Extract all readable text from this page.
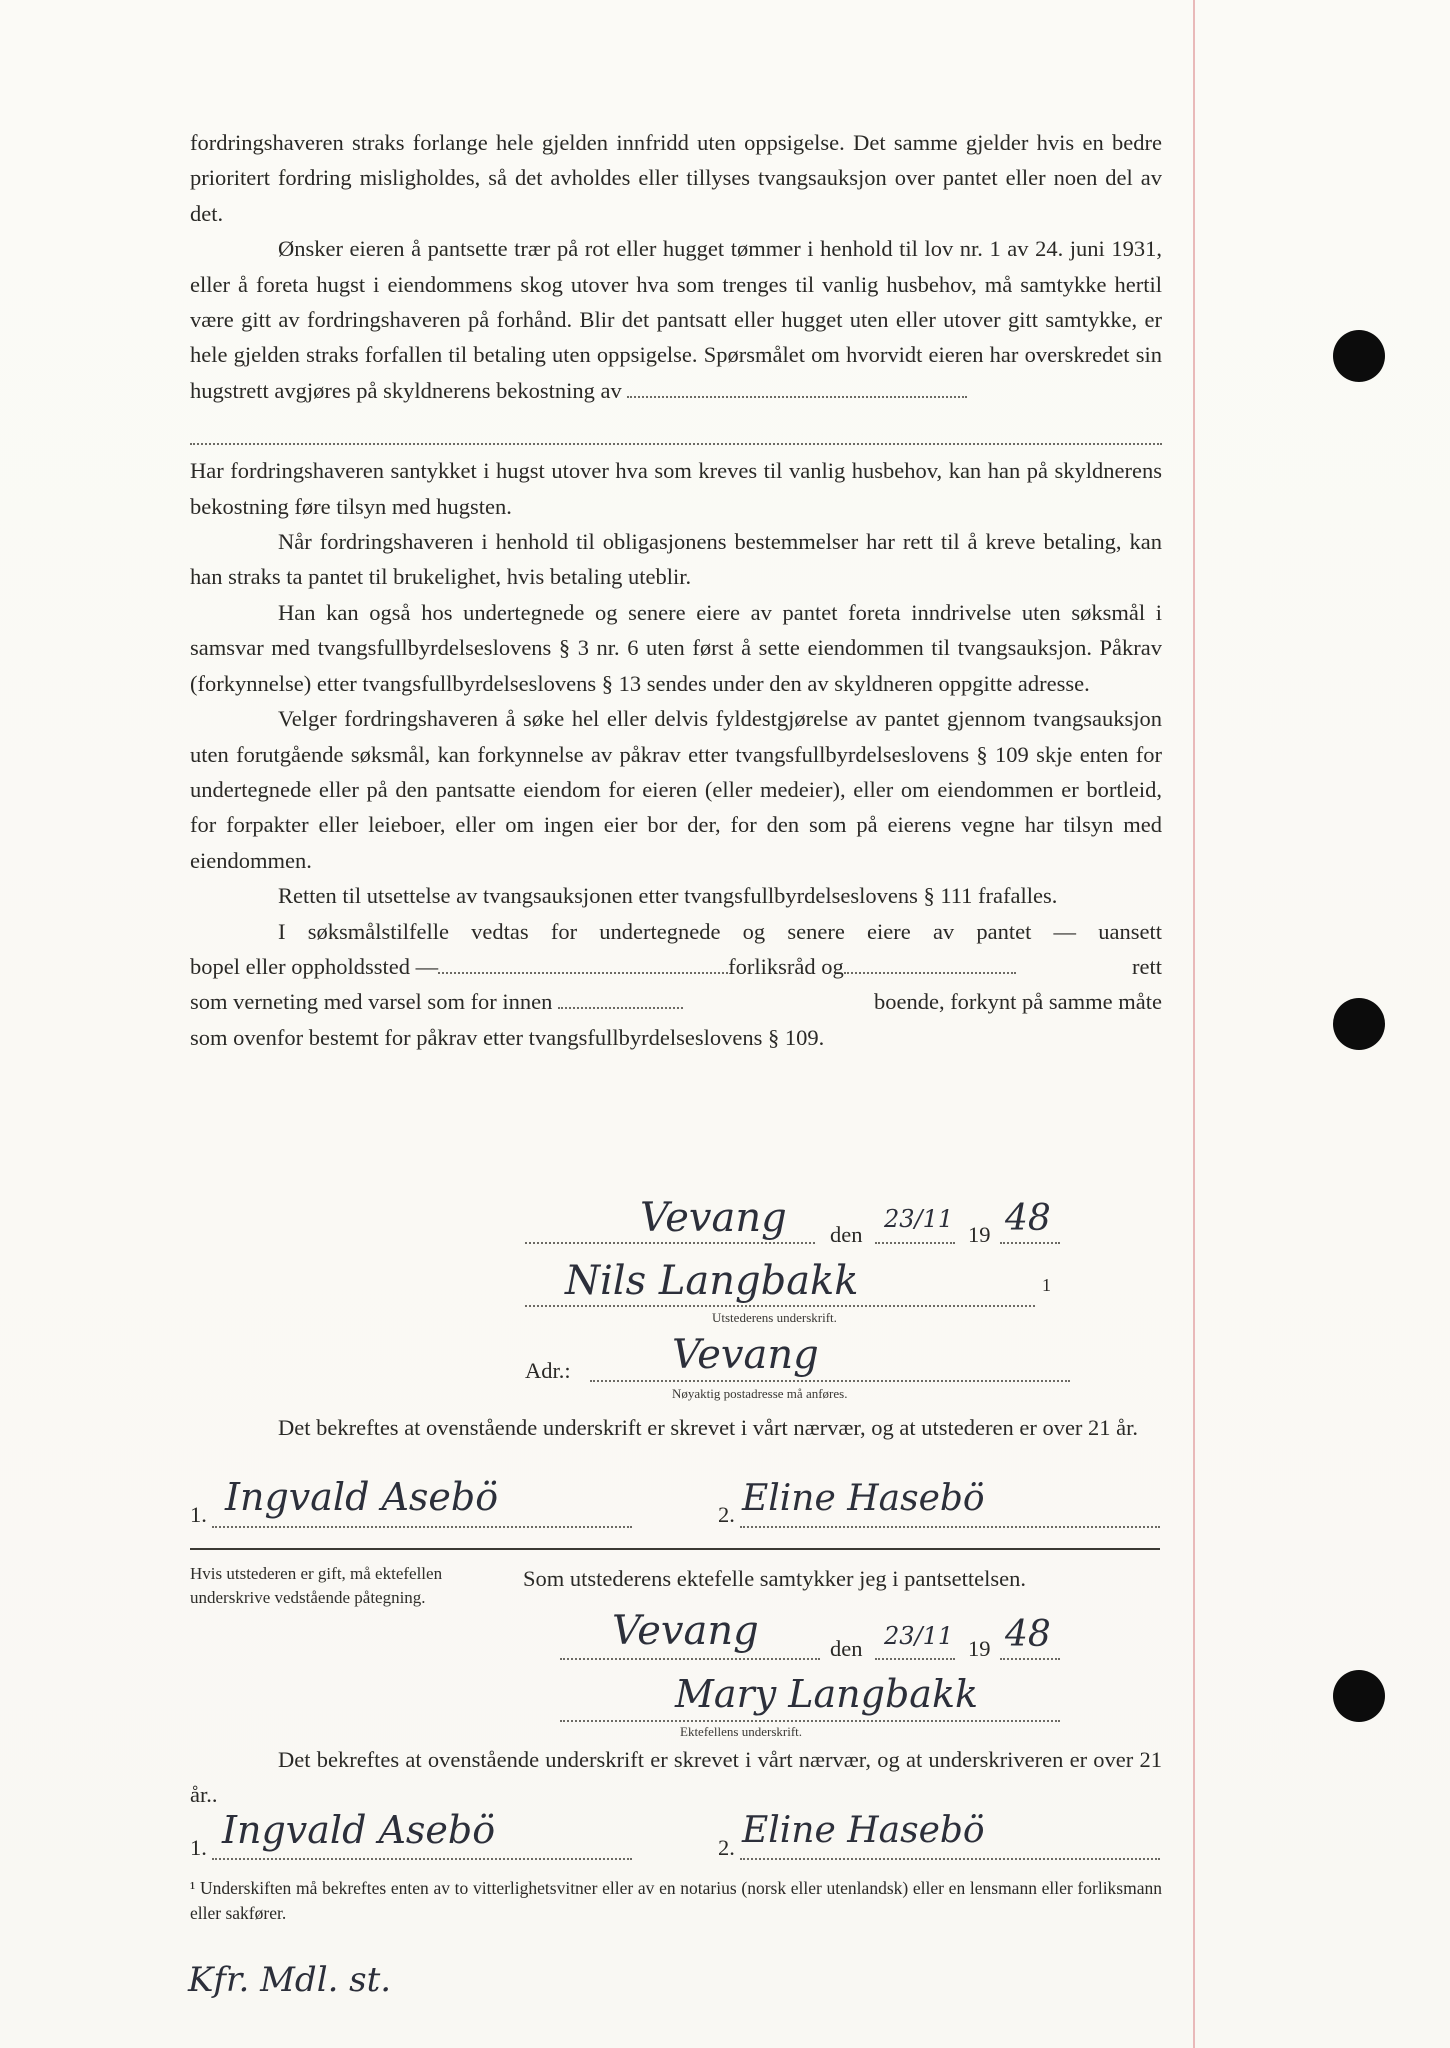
fordringshaveren straks forlange hele gjelden innfridd uten oppsigelse. Det samme gjelder hvis en bedre prioritert fordring misligholdes, så det avholdes eller tillyses tvangsauksjon over pantet eller noen del av det.

Ønsker eieren å pantsette trær på rot eller hugget tømmer i henhold til lov nr. 1 av 24. juni 1931, eller å foreta hugst i eiendommens skog utover hva som trenges til vanlig husbehov, må samtykke hertil være gitt av fordringshaveren på forhånd. Blir det pantsatt eller hugget uten eller utover gitt samtykke, er hele gjelden straks forfallen til betaling uten oppsigelse. Spørsmålet om hvorvidt eieren har overskredet sin hugstrett avgjøres på skyldnerens bekostning av

Har fordringshaveren santykket i hugst utover hva som kreves til vanlig husbehov, kan han på skyldnerens bekostning føre tilsyn med hugsten.

Når fordringshaveren i henhold til obligasjonens bestemmelser har rett til å kreve betaling, kan han straks ta pantet til brukelighet, hvis betaling uteblir.

Han kan også hos undertegnede og senere eiere av pantet foreta inndrivelse uten søksmål i samsvar med tvangsfullbyrdelseslovens § 3 nr. 6 uten først å sette eiendommen til tvangsauksjon. Påkrav (forkynnelse) etter tvangsfullbyrdelseslovens § 13 sendes under den av skyldneren oppgitte adresse.

Velger fordringshaveren å søke hel eller delvis fyldestgjørelse av pantet gjennom tvangsauksjon uten forutgående søksmål, kan forkynnelse av påkrav etter tvangsfullbyrdelseslovens § 109 skje enten for undertegnede eller på den pantsatte eiendom for eieren (eller medeier), eller om eiendommen er bortleid, for forpakter eller leieboer, eller om ingen eier bor der, for den som på eierens vegne har tilsyn med eiendommen.

Retten til utsettelse av tvangsauksjonen etter tvangsfullbyrdelseslovens § 111 frafalles.

I søksmålstilfelle vedtas for undertegnede og senere eiere av pantet — uansett

bopel eller oppholdssted —	forliksråd og	rett
som verneting med varsel som for innen	boende, forkynt på samme måte

som ovenfor bestemt for påkrav etter tvangsfullbyrdelseslovens § 109.

Vevang den
23/11
19 48
Nils Langbakk	1
Utstederens underskrift.
Adr.:	Vevang
Nøyaktig postadresse må anføres.

Det bekreftes at ovenstående underskrift er skrevet i vårt nærvær, og at utstederen er over 21 år.

1. Ingvald Asebö	2. Eline Hasebö
Hvis utstederen er gift, må ektefellen underskrive vedstående påtegning.
Som utstederens ektefelle samtykker jeg i pantsettelsen.
Vevang	den 23/11 19 48
Mary Langbakk
Ektefellens underskrift.

Det bekreftes at ovenstående underskrift er skrevet i vårt nærvær, og at underskriveren er over 21 år..

1. Ingvald Asebö	2. Eline Hasebö
¹ Underskiften må bekreftes enten av to vitterlighetsvitner eller av en notarius (norsk eller utenlandsk) eller en lensmann eller forliksmann eller sakfører.
Kfr. Mdl. st.
